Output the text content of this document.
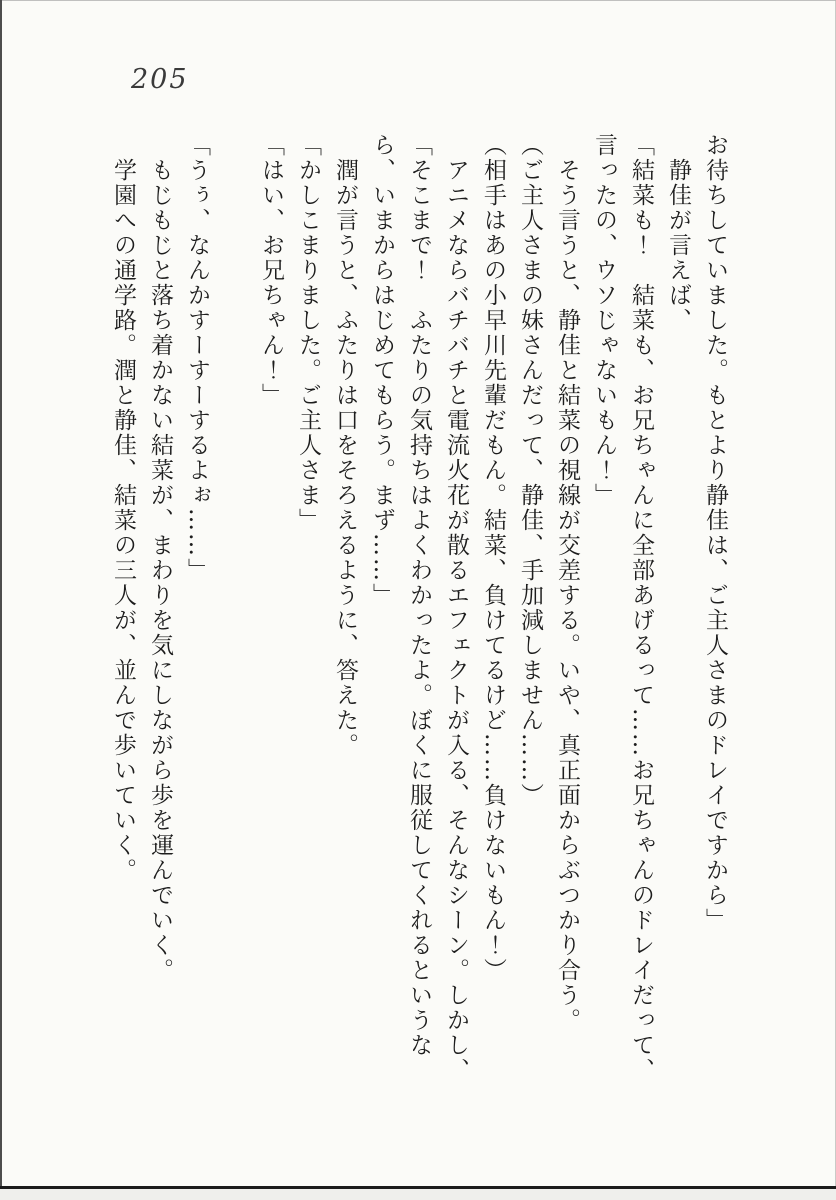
205

お待ちしていました。もとより静佳は、ご主人さまのドレイですから」

静佳が言えば、

「結菜も！　結菜も、お兄ちゃんに全部あげるって……お兄ちゃんのドレイだって、言ったの、ウソじゃないもん！」

そう言うと、静佳と結菜の視線が交差する。いや、真正面からぶつかり合う。

（ご主人さまの妹さんだって、静佳、手加減しません……）

（相手はあの小早川先輩だもん。結菜、負けてるけど……負けないもん！）

アニメならバチバチと電流火花が散るエフェクトが入る、そんなシーン。しかし、

「そこまで！　ふたりの気持ちはよくわかったよ。ぼくに服従してくれるというなら、いまからはじめてもらう。まず……」

潤が言うと、ふたりは口をそろえるように、答えた。

「かしこまりました。ご主人さま」

「はい、お兄ちゃん！」

「うぅ、なんかすーすーするよぉ……」

もじもじと落ち着かない結菜が、まわりを気にしながら歩を運んでいく。

学園への通学路。潤と静佳、結菜の三人が、並んで歩いていく。
